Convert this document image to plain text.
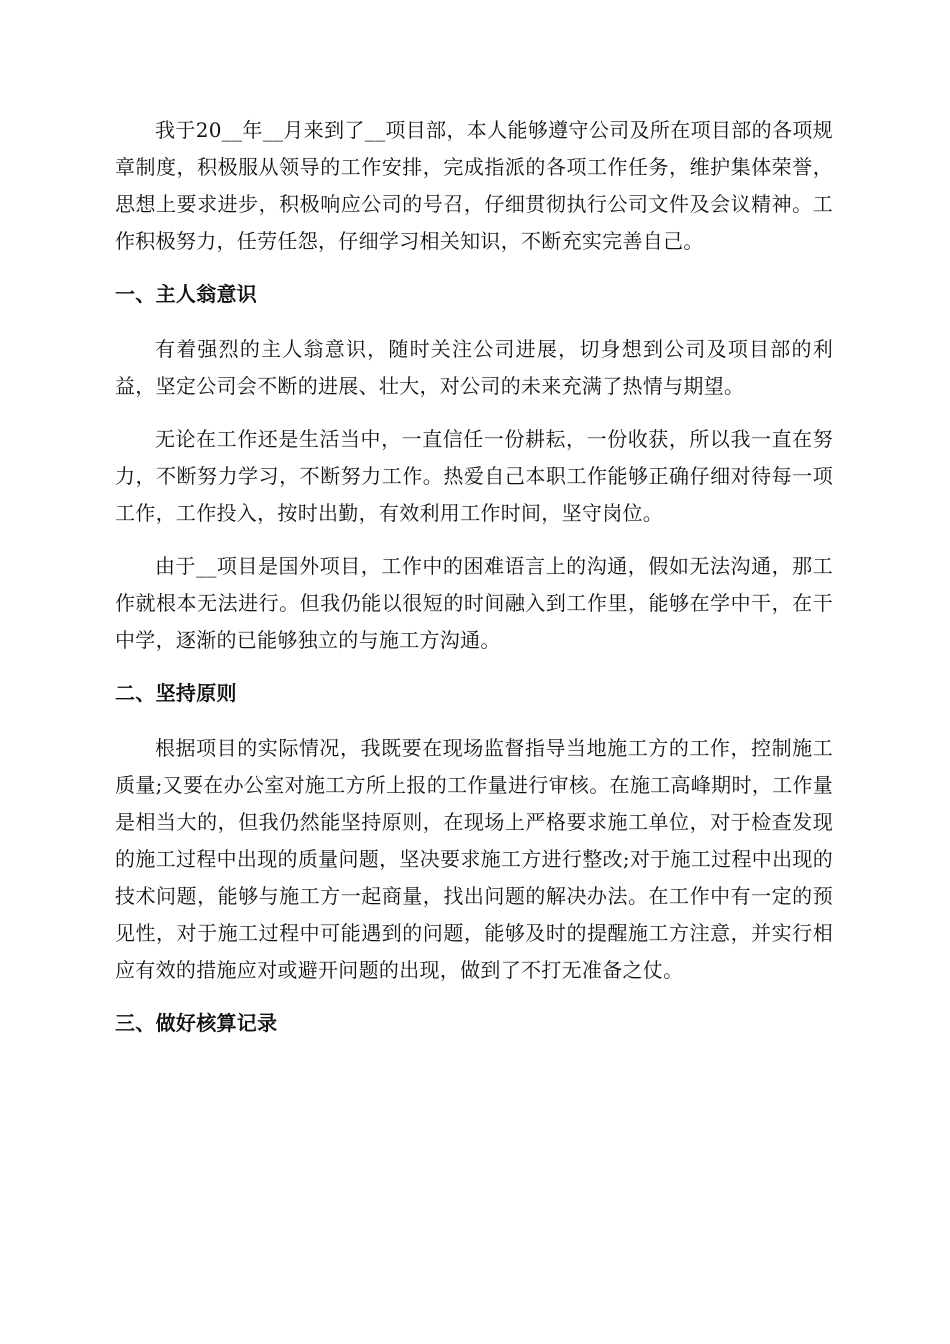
我于20__年__月来到了__项目部，本人能够遵守公司及所在项目部的各项规章制度，积极服从领导的工作安排，完成指派的各项工作任务，维护集体荣誉，思想上要求进步，积极响应公司的号召，仔细贯彻执行公司文件及会议精神。工作积极努力，任劳任怨，仔细学习相关知识，不断充实完善自己。

一、主人翁意识

有着强烈的主人翁意识，随时关注公司进展，切身想到公司及项目部的利益，坚定公司会不断的进展、壮大，对公司的未来充满了热情与期望。

无论在工作还是生活当中，一直信任一份耕耘，一份收获，所以我一直在努力，不断努力学习，不断努力工作。热爱自己本职工作能够正确仔细对待每一项工作，工作投入，按时出勤，有效利用工作时间，坚守岗位。

由于__项目是国外项目，工作中的困难语言上的沟通，假如无法沟通，那工作就根本无法进行。但我仍能以很短的时间融入到工作里，能够在学中干，在干中学，逐渐的已能够独立的与施工方沟通。

二、坚持原则

根据项目的实际情况，我既要在现场监督指导当地施工方的工作，控制施工质量;又要在办公室对施工方所上报的工作量进行审核。在施工高峰期时，工作量是相当大的，但我仍然能坚持原则，在现场上严格要求施工单位，对于检查发现的施工过程中出现的质量问题，坚决要求施工方进行整改;对于施工过程中出现的技术问题，能够与施工方一起商量，找出问题的解决办法。在工作中有一定的预见性，对于施工过程中可能遇到的问题，能够及时的提醒施工方注意，并实行相应有效的措施应对或避开问题的出现，做到了不打无准备之仗。

三、做好核算记录
